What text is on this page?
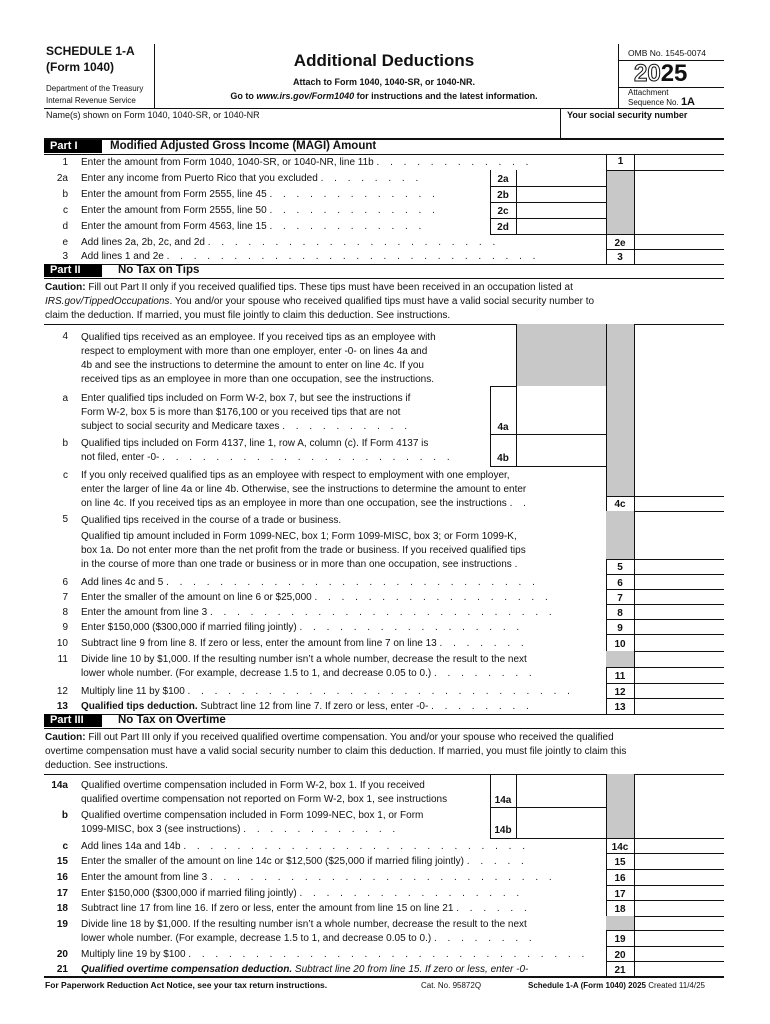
SCHEDULE 1-A
(Form 1040)
Department of the Treasury
Internal Revenue Service
Additional Deductions
Attach to Form 1040, 1040-SR, or 1040-NR.
Go to www.irs.gov/Form1040 for instructions and the latest information.
OMB No. 1545-0074
2025
Attachment
Sequence No. 1A
Name(s) shown on Form 1040, 1040-SR, or 1040-NR	Your social security number
Part I	Modified Adjusted Gross Income (MAGI) Amount
1 Enter the amount from Form 1040, 1040-SR, or 1040-NR, line 11b . . . . . . . . . . . .	1
2a Enter any income from Puerto Rico that you excluded . . . . . . . .	2a
b Enter the amount from Form 2555, line 45 . . . . . . . . . . . . .	2b
c Enter the amount from Form 2555, line 50 . . . . . . . . . . . . .	2c
d Enter the amount from Form 4563, line 15 . . . . . . . . . . . .	2d
e Add lines 2a, 2b, 2c, and 2d . . . . . . . . . . . . . . . . . . . . . .	2e
3 Add lines 1 and 2e . . . . . . . . . . . . . . . . . . . . . . . . . . . .	3
Part II	No Tax on Tips
Caution: Fill out Part II only if you received qualified tips. These tips must have been received in an occupation listed at
IRS.gov/TippedOccupations. You and/or your spouse who received qualified tips must have a valid social security number to
claim the deduction. If married, you must file jointly to claim this deduction. See instructions.
4 Qualified tips received as an employee. If you received tips as an employee with
respect to employment with more than one employer, enter -0- on lines 4a and
4b and see the instructions to determine the amount to enter on line 4c. If you
received tips as an employee in more than one occupation, see the instructions.
a Enter qualified tips included on Form W-2, box 7, but see the instructions if
Form W-2, box 5 is more than $176,100 or you received tips that are not
subject to social security and Medicare taxes . . . . . . . . . .	4a
b Qualified tips included on Form 4137, line 1, row A, column (c). If Form 4137 is
not filed, enter -0- . . . . . . . . . . . . . . . . . . . . . .	4b
c If you only received qualified tips as an employee with respect to employment with one employer,
enter the larger of line 4a or line 4b. Otherwise, see the instructions to determine the amount to enter
on line 4c. If you received tips as an employee in more than one occupation, see the instructions . .	4c
5 Qualified tips received in the course of a trade or business.
Qualified tip amount included in Form 1099-NEC, box 1; Form 1099-MISC, box 3; or Form 1099-K,
box 1a. Do not enter more than the net profit from the trade or business. If you received qualified tips
in the course of more than one trade or business or in more than one occupation, see instructions .	5
6 Add lines 4c and 5 . . . . . . . . . . . . . . . . . . . . . . . . . . . .	6
7 Enter the smaller of the amount on line 6 or $25,000 . . . . . . . . . . . . . . . . . .	7
8 Enter the amount from line 3 . . . . . . . . . . . . . . . . . . . . . . . . . .	8
9 Enter $150,000 ($300,000 if married filing jointly) . . . . . . . . . . . . . . . . .	9
10 Subtract line 9 from line 8. If zero or less, enter the amount from line 7 on line 13 . . . . . . .	10
11 Divide line 10 by $1,000. If the resulting number isn’t a whole number, decrease the result to the next
lower whole number. (For example, decrease 1.5 to 1, and decrease 0.05 to 0.) . . . . . . . .	11
12 Multiply line 11 by $100 . . . . . . . . . . . . . . . . . . . . . . . . . . . . .	12
13 Qualified tips deduction. Subtract line 12 from line 7. If zero or less, enter -0- . . . . . . . .	13
Part III	No Tax on Overtime
Caution: Fill out Part III only if you received qualified overtime compensation. You and/or your spouse who received the qualified
overtime compensation must have a valid social security number to claim this deduction. If married, you must file jointly to claim this
deduction. See instructions.
14a Qualified overtime compensation included in Form W-2, box 1. If you received
qualified overtime compensation not reported on Form W-2, box 1, see instructions	14a
b Qualified overtime compensation included in Form 1099-NEC, box 1, or Form
1099-MISC, box 3 (see instructions) . . . . . . . . . . . .	14b
c Add lines 14a and 14b . . . . . . . . . . . . . . . . . . . . . . . . . .	14c
15 Enter the smaller of the amount on line 14c or $12,500 ($25,000 if married filing jointly) . . . . .	15
16 Enter the amount from line 3 . . . . . . . . . . . . . . . . . . . . . . . . . .	16
17 Enter $150,000 ($300,000 if married filing jointly) . . . . . . . . . . . . . . . . .	17
18 Subtract line 17 from line 16. If zero or less, enter the amount from line 15 on line 21 . . . . . .	18
19 Divide line 18 by $1,000. If the resulting number isn’t a whole number, decrease the result to the next
lower whole number. (For example, decrease 1.5 to 1, and decrease 0.05 to 0.) . . . . . . . .	19
20 Multiply line 19 by $100 . . . . . . . . . . . . . . . . . . . . . . . . . . . . . .	20
21 Qualified overtime compensation deduction. Subtract line 20 from line 15. If zero or less, enter -0-	21
For Paperwork Reduction Act Notice, see your tax return instructions.	Cat. No. 95872Q	Schedule 1-A (Form 1040) 2025 Created 11/4/25
